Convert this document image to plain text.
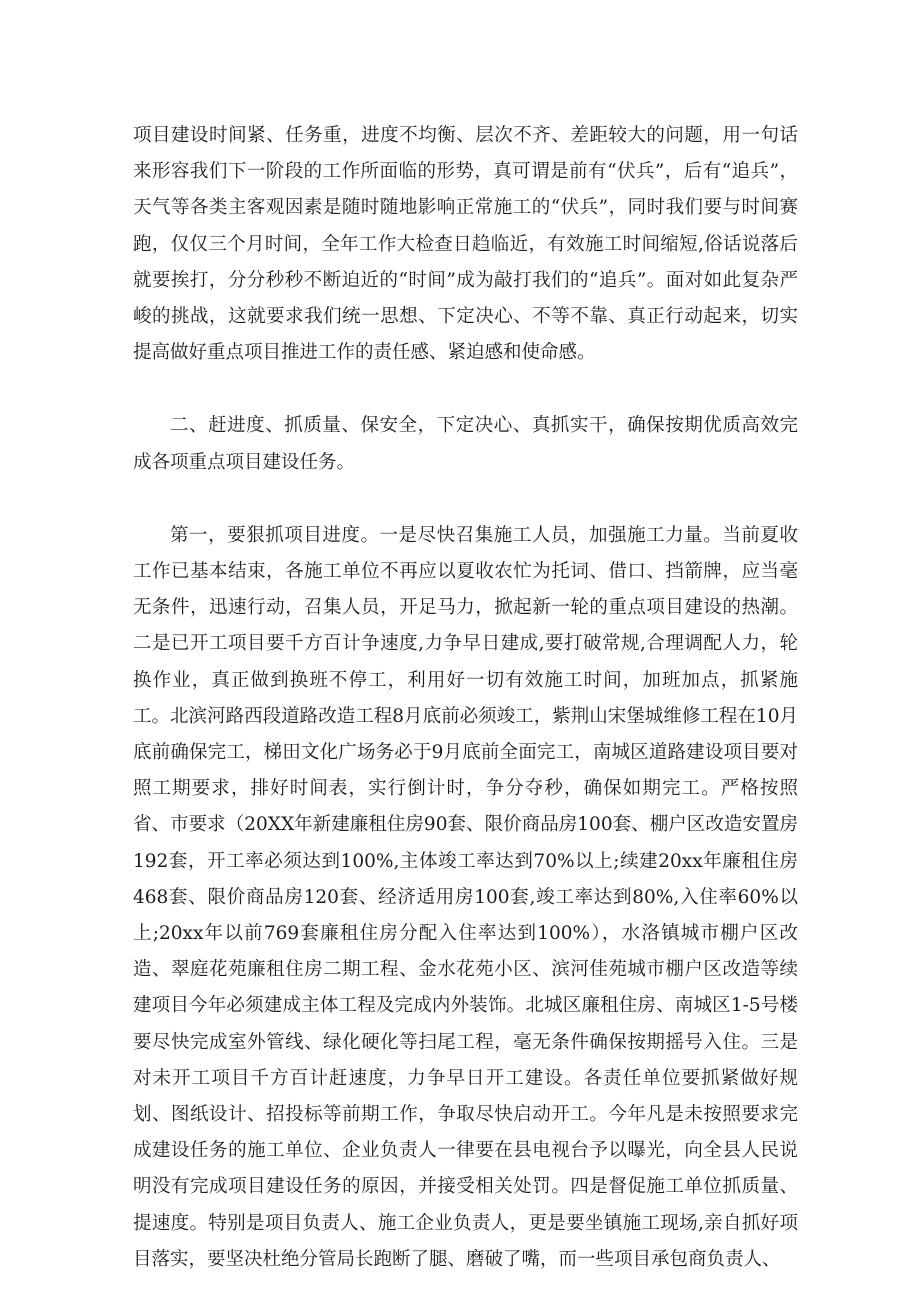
项目建设时间紧、任务重，进度不均衡、层次不齐、差距较大的问题，用一句话来形容我们下一阶段的工作所面临的形势，真可谓是前有“伏兵”，后有“追兵”，天气等各类主客观因素是随时随地影响正常施工的“伏兵”，同时我们要与时间赛跑，仅仅三个月时间，全年工作大检查日趋临近，有效施工时间缩短,俗话说落后就要挨打，分分秒秒不断迫近的“时间”成为敲打我们的“追兵”。面对如此复杂严峻的挑战，这就要求我们统一思想、下定决心、不等不靠、真正行动起来，切实提高做好重点项目推进工作的责任感、紧迫感和使命感。

二、赶进度、抓质量、保安全，下定决心、真抓实干，确保按期优质高效完成各项重点项目建设任务。

第一，要狠抓项目进度。一是尽快召集施工人员，加强施工力量。当前夏收工作已基本结束，各施工单位不再应以夏收农忙为托词、借口、挡箭牌，应当毫无条件，迅速行动，召集人员，开足马力，掀起新一轮的重点项目建设的热潮。二是已开工项目要千方百计争速度,力争早日建成,要打破常规,合理调配人力，轮换作业，真正做到换班不停工，利用好一切有效施工时间，加班加点，抓紧施工。北滨河路西段道路改造工程8月底前必须竣工，紫荆山宋堡城维修工程在10月底前确保完工，梯田文化广场务必于9月底前全面完工，南城区道路建设项目要对照工期要求，排好时间表，实行倒计时，争分夺秒，确保如期完工。严格按照省、市要求（20XX年新建廉租住房90套、限价商品房100套、棚户区改造安置房192套，开工率必须达到100%,主体竣工率达到70%以上;续建20xx年廉租住房468套、限价商品房120套、经济适用房100套,竣工率达到80%,入住率60%以上;20xx年以前769套廉租住房分配入住率达到100%），水洛镇城市棚户区改造、翠庭花苑廉租住房二期工程、金水花苑小区、滨河佳苑城市棚户区改造等续建项目今年必须建成主体工程及完成内外装饰。北城区廉租住房、南城区1-5号楼要尽快完成室外管线、绿化硬化等扫尾工程，毫无条件确保按期摇号入住。三是对未开工项目千方百计赶速度，力争早日开工建设。各责任单位要抓紧做好规划、图纸设计、招投标等前期工作，争取尽快启动开工。今年凡是未按照要求完成建设任务的施工单位、企业负责人一律要在县电视台予以曝光，向全县人民说明没有完成项目建设任务的原因，并接受相关处罚。四是督促施工单位抓质量、提速度。特别是项目负责人、施工企业负责人，更是要坐镇施工现场,亲自抓好项目落实，要坚决杜绝分管局长跑断了腿、磨破了嘴，而一些项目承包商负责人、
